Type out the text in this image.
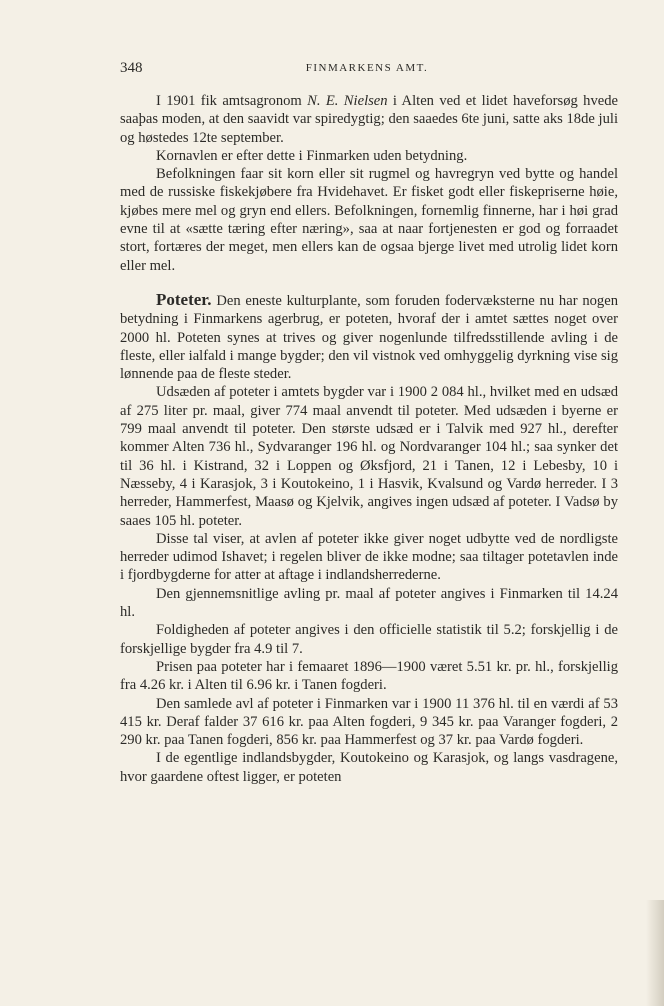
348	FINMARKENS AMT.

I 1901 fik amtsagronom N. E. Nielsen i Alten ved et lidet haveforsøg hvede saaþas moden, at den saavidt var spiredygtig; den saaedes 6te juni, satte aks 18de juli og høstedes 12te september.

Kornavlen er efter dette i Finmarken uden betydning.

Befolkningen faar sit korn eller sit rugmel og havregryn ved bytte og handel med de russiske fiskekjøbere fra Hvidehavet. Er fisket godt eller fiskepriserne høie, kjøbes mere mel og gryn end ellers. Befolkningen, fornemlig finnerne, har i høi grad evne til at «sætte tæring efter næring», saa at naar fortjenesten er god og forraadet stort, fortæres der meget, men ellers kan de ogsaa bjerge livet med utrolig lidet korn eller mel.

Poteter. Den eneste kulturplante, som foruden fodervæksterne nu har nogen betydning i Finmarkens agerbrug, er poteten, hvoraf der i amtet sættes noget over 2000 hl. Poteten synes at trives og giver nogenlunde tilfredsstillende avling i de fleste, eller ialfald i mange bygder; den vil vistnok ved omhyggelig dyrkning vise sig lønnende paa de fleste steder.

Udsæden af poteter i amtets bygder var i 1900 2 084 hl., hvilket med en udsæd af 275 liter pr. maal, giver 774 maal anvendt til poteter. Med udsæden i byerne er 799 maal anvendt til poteter. Den største udsæd er i Talvik med 927 hl., derefter kommer Alten 736 hl., Sydvaranger 196 hl. og Nordvaranger 104 hl.; saa synker det til 36 hl. i Kistrand, 32 i Loppen og Øksfjord, 21 i Tanen, 12 i Lebesby, 10 i Næsseby, 4 i Karasjok, 3 i Koutokeino, 1 i Hasvik, Kvalsund og Vardø herreder. I 3 herreder, Hammerfest, Maasø og Kjelvik, angives ingen udsæd af poteter. I Vadsø by saaes 105 hl. poteter.

Disse tal viser, at avlen af poteter ikke giver noget udbytte ved de nordligste herreder udimod Ishavet; i regelen bliver de ikke modne; saa tiltager potetavlen inde i fjordbygderne for atter at aftage i indlandsherrederne.

Den gjennemsnitlige avling pr. maal af poteter angives i Finmarken til 14.24 hl.

Foldigheden af poteter angives i den officielle statistik til 5.2; forskjellig i de forskjellige bygder fra 4.9 til 7.

Prisen paa poteter har i femaaret 1896—1900 været 5.51 kr. pr. hl., forskjellig fra 4.26 kr. i Alten til 6.96 kr. i Tanen fogderi.

Den samlede avl af poteter i Finmarken var i 1900 11 376 hl. til en værdi af 53 415 kr. Deraf falder 37 616 kr. paa Alten fogderi, 9 345 kr. paa Varanger fogderi, 2 290 kr. paa Tanen fogderi, 856 kr. paa Hammerfest og 37 kr. paa Vardø fogderi.

I de egentlige indlandsbygder, Koutokeino og Karasjok, og langs vasdragene, hvor gaardene oftest ligger, er poteten
